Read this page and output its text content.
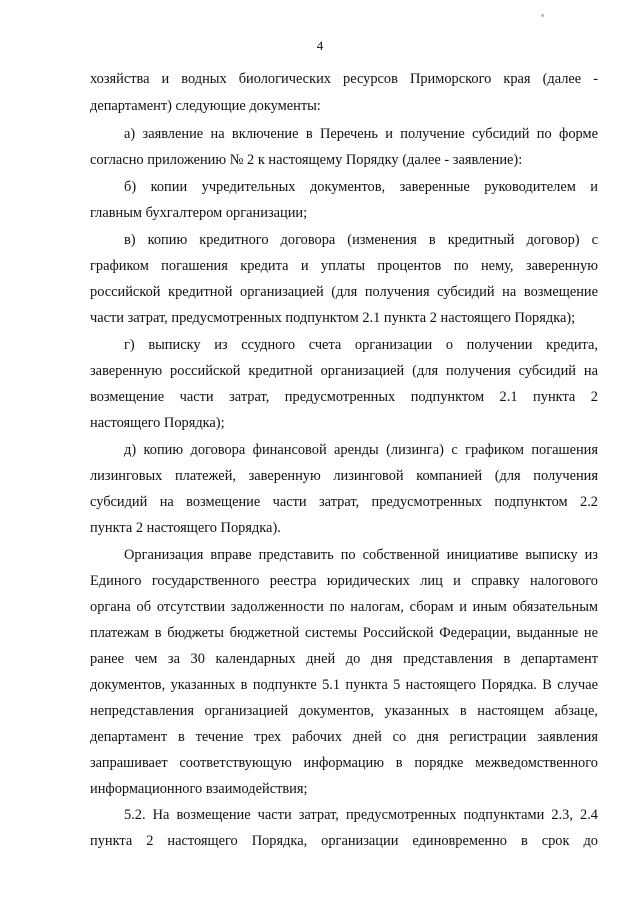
4
хозяйства и водных биологических ресурсов Приморского края (далее -
департамент) следующие документы:
а) заявление на включение в Перечень и получение субсидий по форме
согласно приложению № 2 к настоящему Порядку (далее - заявление):
б) копии учредительных документов, заверенные руководителем и
главным бухгалтером организации;
в) копию кредитного договора (изменения в кредитный договор) с
графиком погашения кредита и уплаты процентов по нему, заверенную
российской кредитной организацией (для получения субсидий на возмещение
части затрат, предусмотренных подпунктом 2.1 пункта 2 настоящего Порядка);
г) выписку из ссудного счета организации о получении кредита,
заверенную российской кредитной организацией (для получения субсидий на
возмещение части затрат, предусмотренных подпунктом 2.1 пункта 2
настоящего Порядка);
д) копию договора финансовой аренды (лизинга) с графиком погашения
лизинговых платежей, заверенную лизинговой компанией (для получения
субсидий на возмещение части затрат, предусмотренных подпунктом 2.2
пункта 2 настоящего Порядка).
Организация вправе представить по собственной инициативе выписку из
Единого государственного реестра юридических лиц и справку налогового
органа об отсутствии задолженности по налогам, сборам и иным обязательным
платежам в бюджеты бюджетной системы Российской Федерации, выданные не
ранее чем за 30 календарных дней до дня представления в департамент
документов, указанных в подпункте 5.1 пункта 5 настоящего Порядка. В случае
непредставления организацией документов, указанных в настоящем абзаце,
департамент в течение трех рабочих дней со дня регистрации заявления
запрашивает соответствующую информацию в порядке межведомственного
информационного взаимодействия;
5.2. На возмещение части затрат, предусмотренных подпунктами 2.3, 2.4
пункта 2 настоящего Порядка, организации единовременно в срок до
